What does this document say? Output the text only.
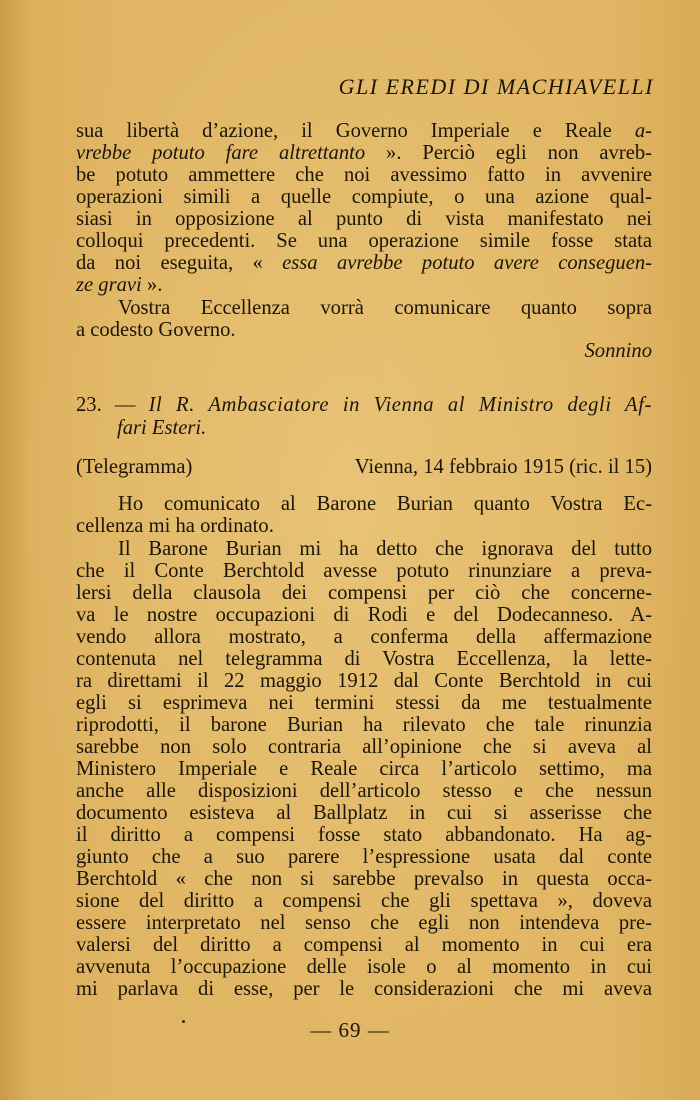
GLI EREDI DI MACHIAVELLI
sua libertà d’azione, il Governo Imperiale e Reale a-
vrebbe potuto fare altrettanto ». Perciò egli non avreb-
be potuto ammettere che noi avessimo fatto in avvenire
operazioni simili a quelle compiute, o una azione qual-
siasi in opposizione al punto di vista manifestato nei
colloqui precedenti. Se una operazione simile fosse stata
da noi eseguita, « essa avrebbe potuto avere conseguen-
ze gravi ».
Vostra Eccellenza vorrà comunicare quanto sopra
a codesto Governo.
Sonnino
23. — Il R. Ambasciatore in Vienna al Ministro degli Af-
fari Esteri.
(Telegramma)	Vienna, 14 febbraio 1915 (ric. il 15)
Ho comunicato al Barone Burian quanto Vostra Ec-
cellenza mi ha ordinato.
Il Barone Burian mi ha detto che ignorava del tutto
che il Conte Berchtold avesse potuto rinunziare a preva-
lersi della clausola dei compensi per ciò che concerne-
va le nostre occupazioni di Rodi e del Dodecanneso. A-
vendo allora mostrato, a conferma della affermazione
contenuta nel telegramma di Vostra Eccellenza, la lette-
ra direttami il 22 maggio 1912 dal Conte Berchtold in cui
egli si esprimeva nei termini stessi da me testualmente
riprodotti, il barone Burian ha rilevato che tale rinunzia
sarebbe non solo contraria all’opinione che si aveva al
Ministero Imperiale e Reale circa l’articolo settimo, ma
anche alle disposizioni dell’articolo stesso e che nessun
documento esisteva al Ballplatz in cui si asserisse che
il diritto a compensi fosse stato abbandonato. Ha ag-
giunto che a suo parere l’espressione usata dal conte
Berchtold « che non si sarebbe prevalso in questa occa-
sione del diritto a compensi che gli spettava », doveva
essere interpretato nel senso che egli non intendeva pre-
valersi del diritto a compensi al momento in cui era
avvenuta l’occupazione delle isole o al momento in cui
mi parlava di esse, per le considerazioni che mi aveva
— 69 —
